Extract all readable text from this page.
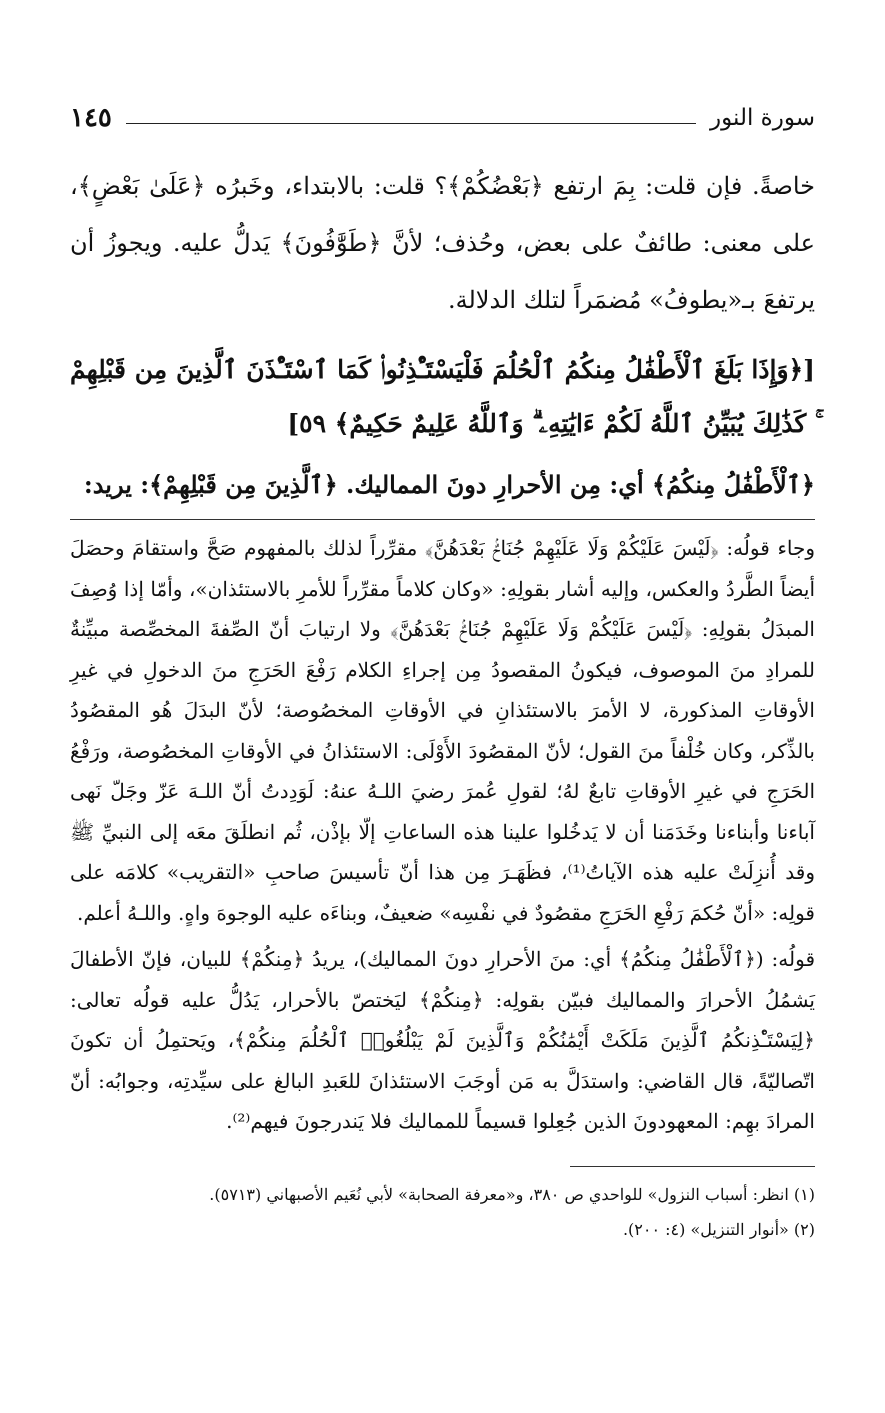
سورة النور
١٤٥
خاصةً. فإن قلت: بِمَ ارتفع ﴿بَعْضُكُمْ﴾؟ قلت: بالابتداء، وخَبرُه ﴿عَلَىٰ بَعْضٍ﴾، على معنى: طائفٌ على بعض، وحُذف؛ لأنَّ ﴿طَوَّٰفُونَ﴾ يَدلُّ عليه. ويجوزُ أن يرتفعَ بـ«يطوفُ» مُضمَراً لتلك الدلالة.
[﴿وَإِذَا بَلَغَ ٱلْأَطْفَٰلُ مِنكُمُ ٱلْحُلُمَ فَلْيَسْتَـْٔذِنُوا۟ كَمَا ٱسْتَـْٔذَنَ ٱلَّذِينَ مِن قَبْلِهِمْ ۚ كَذَٰلِكَ يُبَيِّنُ ٱللَّهُ لَكُمْ ءَايَٰتِهِۦ ۗ وَٱللَّهُ عَلِيمٌ حَكِيمٌ﴾ ٥٩]
﴿ٱلْأَطْفَٰلُ مِنكُمُ﴾ أي: مِن الأحرارِ دونَ المماليك. ﴿ٱلَّذِينَ مِن قَبْلِهِمْ﴾: يريد:

وجاء قولُه: ﴿لَيْسَ عَلَيْكُمْ وَلَا عَلَيْهِمْ جُنَاحٌۢ بَعْدَهُنَّ﴾ مقرِّراً لذلك بالمفهوم صَحَّ واستقامَ وحصَلَ أيضاً الطَّردُ والعكس، وإليه أشار بقولِهِ: «وكان كلاماً مقرِّراً للأمرِ بالاستئذان»، وأمّا إذا وُصِفَ المبدَلُ بقولِهِ: ﴿لَيْسَ عَلَيْكُمْ وَلَا عَلَيْهِمْ جُنَاحٌۢ بَعْدَهُنَّ﴾ ولا ارتيابَ أنّ الصِّفةَ المخصِّصة مبيِّنةٌ للمرادِ منَ الموصوف، فيكونُ المقصودُ مِن إجراءِ الكلام رَفْعَ الحَرَجِ منَ الدخولِ في غيرِ الأوقاتِ المذكورة، لا الأمرَ بالاستئذانِ في الأوقاتِ المخصُوصة؛ لأنّ البدَلَ هُو المقصُودُ بالذِّكر، وكان خُلْفاً منَ القول؛ لأنّ المقصُودَ الأَوْلَى: الاستئذانُ في الأوقاتِ المخصُوصة، ورَفْعُ الحَرَجِ في غيرِ الأوقاتِ تابعٌ لهُ؛ لقولِ عُمرَ رضيَ اللـهُ عنهُ: لَوَدِدتُ أنّ اللـهَ عَزّ وجَلّ نَهى آباءنا وأبناءنا وخَدَمَنا أن لا يَدخُلوا علينا هذه الساعاتِ إلّا بإذْن، ثُم انطلَقَ معَه إلى النبيِّ ﷺ وقد أُنزِلَتْ عليه هذه الآياتُ⁽¹⁾، فظَهَـرَ مِن هذا أنّ تأسيسَ صاحبِ «التقريب» كلامَه على قولِه: «أنّ حُكمَ رَفْعِ الحَرَجِ مقصُودٌ في نفْسِه» ضعيفٌ، وبناءَه عليه الوجوهَ واهٍ. واللـهُ أعلم.

قولُه: (﴿ٱلْأَطْفَٰلُ مِنكُمُ﴾ أي: منَ الأحرارِ دونَ المماليك)، يريدُ ﴿مِنكُمْ﴾ للبيان، فإنّ الأطفالَ يَشمُلُ الأحرارَ والمماليك فبيّن بقولِه: ﴿مِنكُمْ﴾ ليَختصّ بالأحرار، يَدُلُّ عليه قولُه تعالى: ﴿لِيَسْتَـْٔذِنكُمُ ٱلَّذِينَ مَلَكَتْ أَيْمَٰنُكُمْ وَٱلَّذِينَ لَمْ يَبْلُغُوا۟ ٱلْحُلُمَ مِنكُمْ﴾، ويَحتمِلُ أن تكونَ اتّصاليّةً، قال القاضي: واستدَلَّ به مَن أوجَبَ الاستئذانَ للعَبدِ البالغ على سيِّدتِه، وجوابُه: أنّ المرادَ بهِم: المعهودونَ الذين جُعِلوا قسيماً للمماليك فلا يَندرجونَ فيهم⁽²⁾.

(١) انظر: أسباب النزول» للواحدي ص ٣٨٠، و«معرفة الصحابة» لأبي نُعَيم الأصبهاني (٥٧١٣).
(٢) «أنوار التنزيل» (٤: ٢٠٠).
